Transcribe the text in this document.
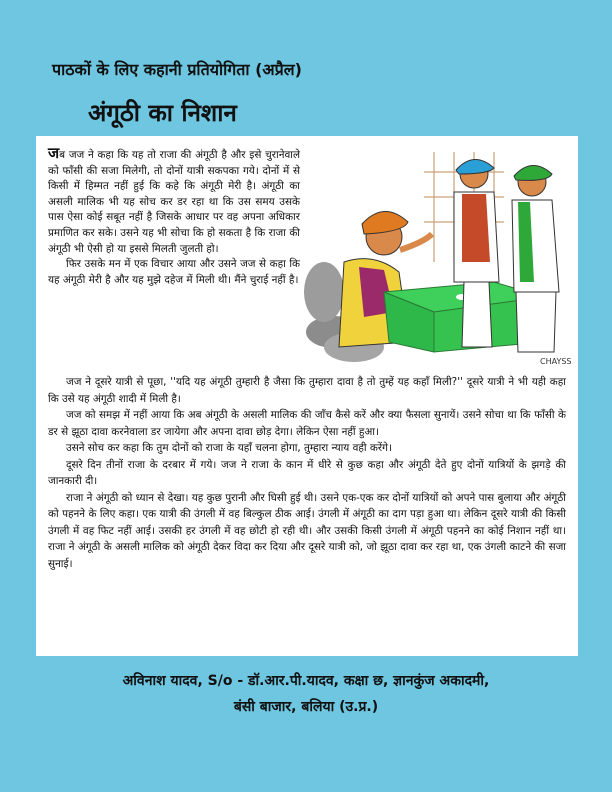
पाठकों के लिए कहानी प्रतियोगिता (अप्रैल)
अंगूठी का निशान

जब जज ने कहा कि यह तो राजा की अंगूठी है और इसे चुरानेवाले को फाँसी की सजा मिलेगी, तो दोनों यात्री सकपका गये। दोनों में से किसी में हिम्मत नहीं हुई कि कहे कि अंगूठी मेरी है। अंगूठी का असली मालिक भी यह सोच कर डर रहा था कि उस समय उसके पास ऐसा कोई सबूत नहीं है जिसके आधार पर वह अपना अधिकार प्रमाणित कर सके। उसने यह भी सोचा कि हो सकता है कि राजा की अंगूठी भी ऐसी हो या इससे मिलती जुलती हो।

फिर उसके मन में एक विचार आया और उसने जज से कहा कि यह अंगूठी मेरी है और यह मुझे दहेज में मिली थी। मैंने चुराई नहीं है।

CHAYSS

जज ने दूसरे यात्री से पूछा, ''यदि यह अंगूठी तुम्हारी है जैसा कि तुम्हारा दावा है तो तुम्हें यह कहाँ मिली?'' दूसरे यात्री ने भी यही कहा कि उसे यह अंगूठी शादी में मिली है।

जज को समझ में नहीं आया कि अब अंगूठी के असली मालिक की जाँच कैसे करें और क्या फैसला सुनायें। उसने सोचा था कि फाँसी के डर से झूठा दावा करनेवाला डर जायेगा और अपना दावा छोड़ देगा। लेकिन ऐसा नहीं हुआ।

उसने सोच कर कहा कि तुम दोनों को राजा के यहाँ चलना होगा, तुम्हारा न्याय वही करेंगे।

दूसरे दिन तीनों राजा के दरबार में गये। जज ने राजा के कान में धीरे से कुछ कहा और अंगूठी देते हुए दोनों यात्रियों के झगड़े की जानकारी दी।

राजा ने अंगूठी को ध्यान से देखा। यह कुछ पुरानी और घिसी हुई थी। उसने एक-एक कर दोनों यात्रियों को अपने पास बुलाया और अंगूठी को पहनने के लिए कहा। एक यात्री की उंगली में वह बिल्कुल ठीक आई। उंगली में अंगूठी का दाग पड़ा हुआ था। लेकिन दूसरे यात्री की किसी उंगली में वह फिट नहीं आई। उसकी हर उंगली में वह छोटी हो रही थी। और उसकी किसी उंगली में अंगूठी पहनने का कोई निशान नहीं था। राजा ने अंगूठी के असली मालिक को अंगूठी देकर विदा कर दिया और दूसरे यात्री को, जो झूठा दावा कर रहा था, एक उंगली काटने की सजा सुनाई।

अविनाश यादव, S/o - डॉ.आर.पी.यादव, कक्षा छ, ज्ञानकुंज अकादमी,
बंसी बाजार, बलिया (उ.प्र.)
